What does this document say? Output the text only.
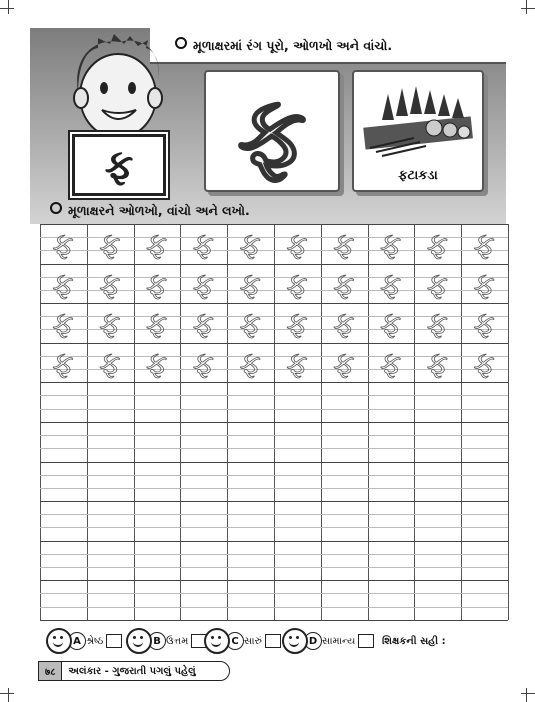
મૂળાક્ષરમાં રંગ પૂરો, ઓળખો અને વાંચો.
ફ	ફ	ફટાકડા
મૂળાક્ષરને ઓળખો, વાંચો અને લખો.
ફ ફ ફ ફ ફ ફ ફ ફ ફ ફ
ફ ફ ફ ફ ફ ફ ફ ફ ફ ફ
ફ ફ ફ ફ ફ ફ ફ ફ ફ ફ
ફ ફ ફ ફ ફ ફ ફ ફ ફ ફ
A શ્રેષ્ઠ	B ઉત્તમ	C સારું	D સામાન્ય	શિક્ષકની સહી :
७८	અલંકાર - ગુજરાતી પગલું પહેલું
